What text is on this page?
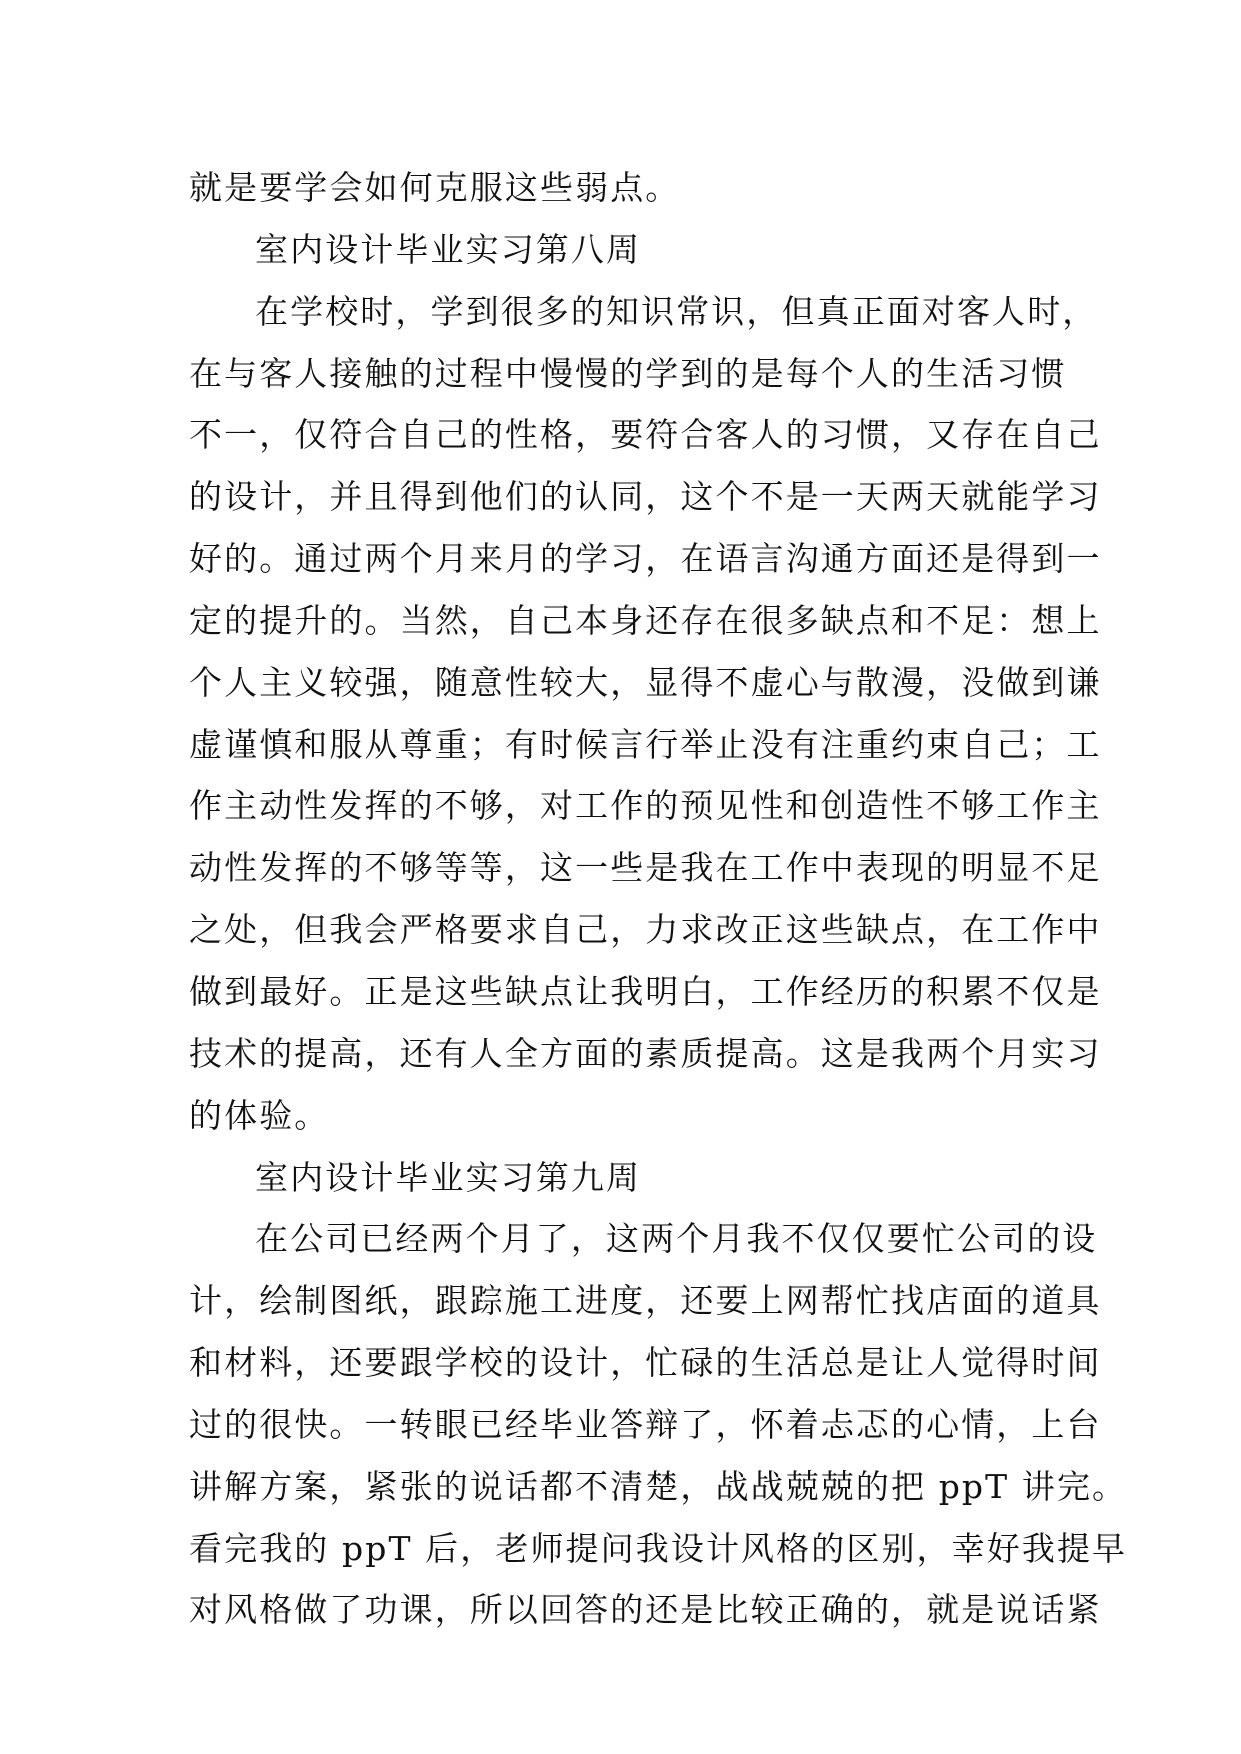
就是要学会如何克服这些弱点。
室内设计毕业实习第八周
在学校时，学到很多的知识常识，但真正面对客人时，
在与客人接触的过程中慢慢的学到的是每个人的生活习惯
不一，仅符合自己的性格，要符合客人的习惯，又存在自己
的设计，并且得到他们的认同，这个不是一天两天就能学习
好的。通过两个月来月的学习，在语言沟通方面还是得到一
定的提升的。当然，自己本身还存在很多缺点和不足：想上
个人主义较强，随意性较大，显得不虚心与散漫，没做到谦
虚谨慎和服从尊重；有时候言行举止没有注重约束自己；工
作主动性发挥的不够，对工作的预见性和创造性不够工作主
动性发挥的不够等等，这一些是我在工作中表现的明显不足
之处，但我会严格要求自己，力求改正这些缺点，在工作中
做到最好。正是这些缺点让我明白，工作经历的积累不仅是
技术的提高，还有人全方面的素质提高。这是我两个月实习
的体验。
室内设计毕业实习第九周
在公司已经两个月了，这两个月我不仅仅要忙公司的设
计，绘制图纸，跟踪施工进度，还要上网帮忙找店面的道具
和材料，还要跟学校的设计，忙碌的生活总是让人觉得时间
过的很快。一转眼已经毕业答辩了，怀着忐忑的心情，上台
讲解方案，紧张的说话都不清楚，战战兢兢的把 ppT 讲完。
看完我的 ppT 后，老师提问我设计风格的区别，幸好我提早
对风格做了功课，所以回答的还是比较正确的，就是说话紧
